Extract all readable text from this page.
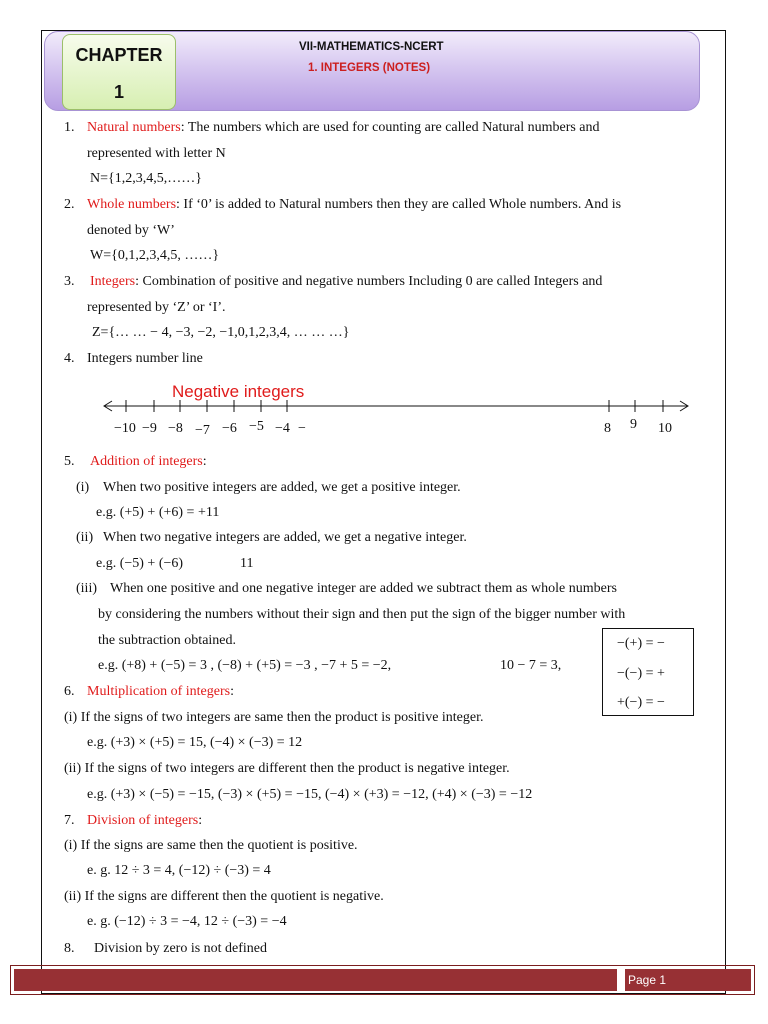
CHAPTER
1
VII-MATHEMATICS-NCERT
1. INTEGERS (NOTES)
1. Natural numbers: The numbers which are used for counting are called Natural numbers and
represented with letter N
N={1,2,3,4,5,……}
2. Whole numbers: If ‘0’ is added to Natural numbers then they are called Whole numbers. And is
denoted by ‘W’
W={0,1,2,3,4,5, ……}
3. Integers: Combination of positive and negative numbers Including 0 are called Integers and
represented by ‘Z’ or ‘I’.
Z={… … − 4, −3, −2, −1,0,1,2,3,4, … … …}
4. Integers number line
Negative integers
−10 −9 −8 −7 −6 −5 −4 −	8 9 10
5. Addition of integers:
(i) When two positive integers are added, we get a positive integer.
e.g. (+5) + (+6) = +11
(ii) When two negative integers are added, we get a negative integer.
e.g. (−5) + (−6)	11
(iii) When one positive and one negative integer are added we subtract them as whole numbers
by considering the numbers without their sign and then put the sign of the bigger number with
the subtraction obtained.
e.g. (+8) + (−5) = 3 , (−8) + (+5) = −3 , −7 + 5 = −2,	10 − 7 = 3,
−(+) = −
−(−) = +
+(−) = −
6. Multiplication of integers:
(i) If the signs of two integers are same then the product is positive integer.
e.g. (+3) × (+5) = 15, (−4) × (−3) = 12
(ii) If the signs of two integers are different then the product is negative integer.
e.g. (+3) × (−5) = −15, (−3) × (+5) = −15, (−4) × (+3) = −12, (+4) × (−3) = −12
7. Division of integers:
(i) If the signs are same then the quotient is positive.
e. g. 12 ÷ 3 = 4, (−12) ÷ (−3) = 4
(ii) If the signs are different then the quotient is negative.
e. g. (−12) ÷ 3 = −4, 12 ÷ (−3) = −4
8. Division by zero is not defined
Page 1
